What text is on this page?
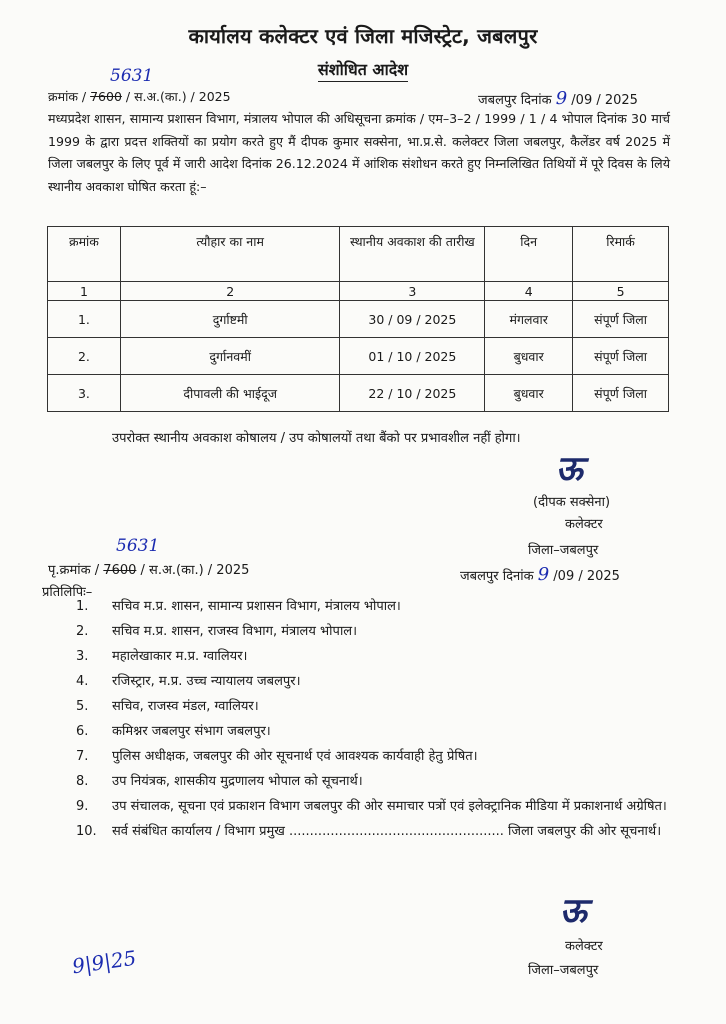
कार्यालय कलेक्टर एवं जिला मजिस्ट्रेट, जबलपुर
संशोधित आदेश
5631
क्रमांक / 7600 / स.अ.(का.) / 2025	जबलपुर दिनांक 9 /09 / 2025
मध्यप्रदेश शासन, सामान्य प्रशासन विभाग, मंत्रालय भोपाल की अधिसूचना क्रमांक / एम–3–2 / 1999 / 1 / 4 भोपाल दिनांक 30 मार्च 1999 के द्वारा प्रदत्त शक्तियों का प्रयोग करते हुए मैं दीपक कुमार सक्सेना, भा.प्र.से. कलेक्टर जिला जबलपुर, कैलेंडर वर्ष 2025 में जिला जबलपुर के लिए पूर्व में जारी आदेश दिनांक 26.12.2024 में आंशिक संशोधन करते हुए निम्नलिखित तिथियों में पूरे दिवस के लिये स्थानीय अवकाश घोषित करता हूं:–
क्रमांक	त्यौहार का नाम	स्थानीय अवकाश की तारीख	दिन	रिमार्क
1	2	3	4	5
1.	दुर्गाष्टमी	30 / 09 / 2025	मंगलवार	संपूर्ण जिला
2.	दुर्गानवमीं	01 / 10 / 2025	बुधवार	संपूर्ण जिला
3.	दीपावली की भाईदूज	22 / 10 / 2025	बुधवार	संपूर्ण जिला
उपरोक्त स्थानीय अवकाश कोषालय / उप कोषालयों तथा बैंको पर प्रभावशील नहीं होगा।
ऊ
(दीपक सक्सेना)
कलेक्टर
जिला–जबलपुर
5631
पृ.क्रमांक / 7600 / स.अ.(का.) / 2025	जबलपुर दिनांक 9 /09 / 2025
प्रतिलिपिः–
1. सचिव म.प्र. शासन, सामान्य प्रशासन विभाग, मंत्रालय भोपाल।
2. सचिव म.प्र. शासन, राजस्व विभाग, मंत्रालय भोपाल।
3. महालेखाकार म.प्र. ग्वालियर।
4. रजिस्ट्रार, म.प्र. उच्च न्यायालय जबलपुर।
5. सचिव, राजस्व मंडल, ग्वालियर।
6. कमिश्नर जबलपुर संभाग जबलपुर।
7. पुलिस अधीक्षक, जबलपुर की ओर सूचनार्थ एवं आवश्यक कार्यवाही हेतु प्रेषित।
8. उप नियंत्रक, शासकीय मुद्रणालय भोपाल को सूचनार्थ।
9. उप संचालक, सूचना एवं प्रकाशन विभाग जबलपुर की ओर समाचार पत्रों एवं इलेक्ट्रानिक मीडिया में प्रकाशनार्थ अग्रेषित।
10. सर्व संबंधित कार्यालय / विभाग प्रमुख .................................................... जिला जबलपुर की ओर सूचनार्थ।
ऊ
कलेक्टर
जिला–जबलपुर
9|9|25
